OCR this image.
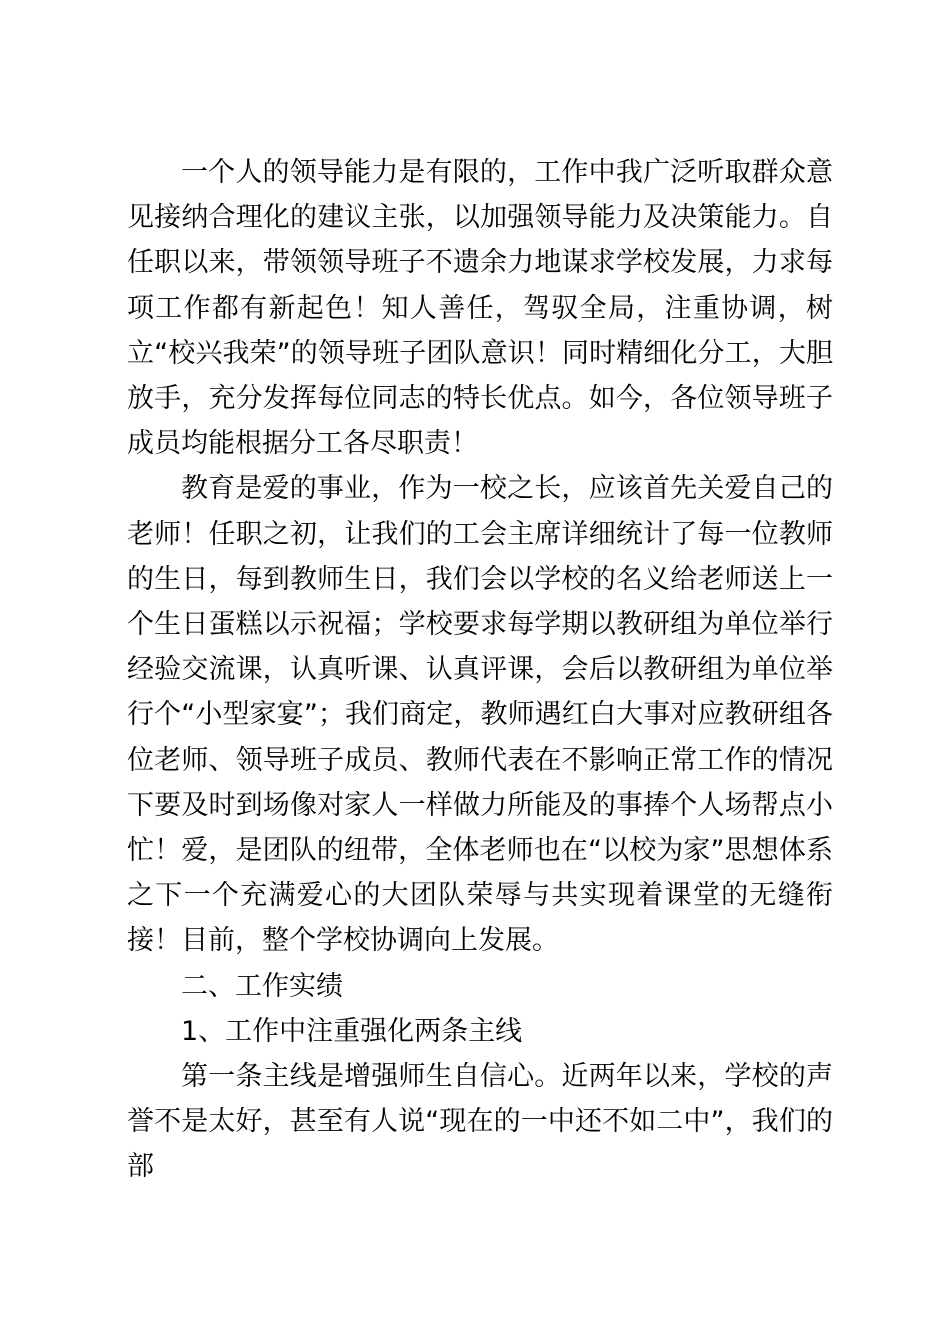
一个人的领导能力是有限的，工作中我广泛听取群众意见接纳合理化的建议主张，以加强领导能力及决策能力。自任职以来，带领领导班子不遗余力地谋求学校发展，力求每项工作都有新起色！知人善任，驾驭全局，注重协调，树立“校兴我荣”的领导班子团队意识！同时精细化分工，大胆放手，充分发挥每位同志的特长优点。如今，各位领导班子成员均能根据分工各尽职责！

教育是爱的事业，作为一校之长，应该首先关爱自己的老师！任职之初，让我们的工会主席详细统计了每一位教师的生日，每到教师生日，我们会以学校的名义给老师送上一个生日蛋糕以示祝福；学校要求每学期以教研组为单位举行经验交流课，认真听课、认真评课，会后以教研组为单位举行个“小型家宴”；我们商定，教师遇红白大事对应教研组各位老师、领导班子成员、教师代表在不影响正常工作的情况下要及时到场像对家人一样做力所能及的事捧个人场帮点小忙！爱，是团队的纽带，全体老师也在“以校为家”思想体系之下一个充满爱心的大团队荣辱与共实现着课堂的无缝衔接！目前，整个学校协调向上发展。

二、工作实绩

1、工作中注重强化两条主线

第一条主线是增强师生自信心。近两年以来，学校的声誉不是太好，甚至有人说“现在的一中还不如二中”，我们的部
